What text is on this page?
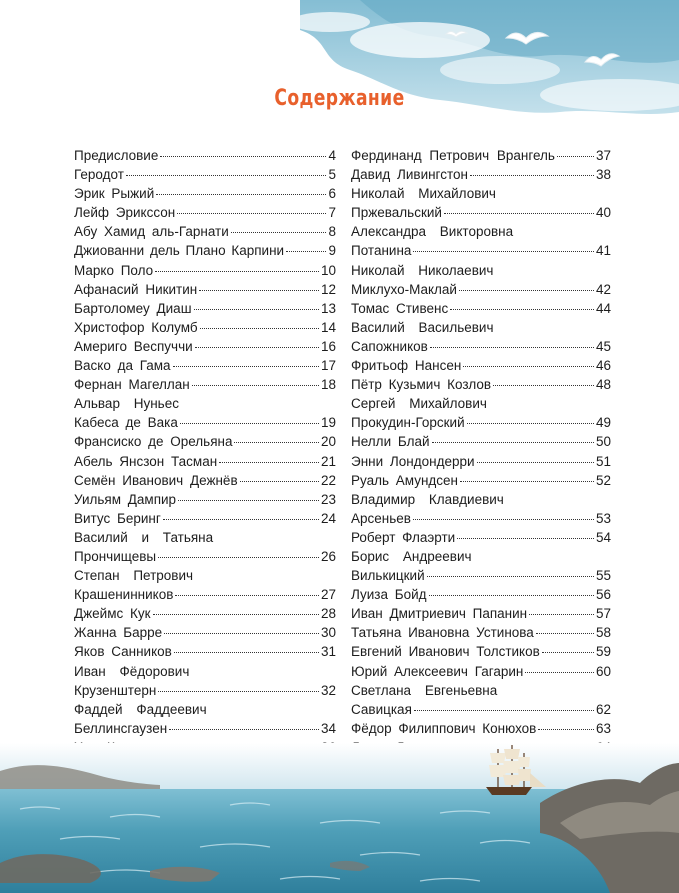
Содержание
Предисловие	4
Геродот	5
Эрик Рыжий	6
Лейф Эрикссон	7
Абу Хамид аль-Гарнати	8
Джиованни дель Плано Карпини	9
Марко Поло	10
Афанасий Никитин	12
Бартоломеу Диаш	13
Христофор Колумб	14
Америго Веспуччи	16
Васко да Гама	17
Фернан Магеллан	18
Альвар Нуньес
Кабеса де Вака	19
Франсиско де Орельяна	20
Абель Янсзон Тасман	21
Семён Иванович Дежнёв	22
Уильям Дампир	23
Витус Беринг	24
Василий и Татьяна
Прончищевы	26
Степан Петрович
Крашенинников	27
Джеймс Кук	28
Жанна Барре	30
Яков Санников	31
Иван Фёдорович
Крузенштерн	32
Фаддей Фаддеевич
Беллинсгаузен	34
Фердинанд Петрович Врангель	37
Давид Ливингстон	38
Николай Михайлович
Пржевальский	40
Александра Викторовна
Потанина	41
Николай Николаевич
Миклухо-Маклай	42
Томас Стивенс	44
Василий Васильевич
Сапожников	45
Фритьоф Нансен	46
Пётр Кузьмич Козлов	48
Сергей Михайлович
Прокудин-Горский	49
Нелли Блай	50
Энни Лондондерри	51
Руаль Амундсен	52
Владимир Клавдиевич
Арсеньев	53
Роберт Флаэрти	54
Борис Андреевич
Вилькицкий	55
Луиза Бойд	56
Иван Дмитриевич Папанин	57
Татьяна Ивановна Устинова	58
Евгений Иванович Толстиков	59
Юрий Алексеевич Гагарин	60
Светлана Евгеньевна
Савицкая	62
Фёдор Филиппович Конюхов	63
